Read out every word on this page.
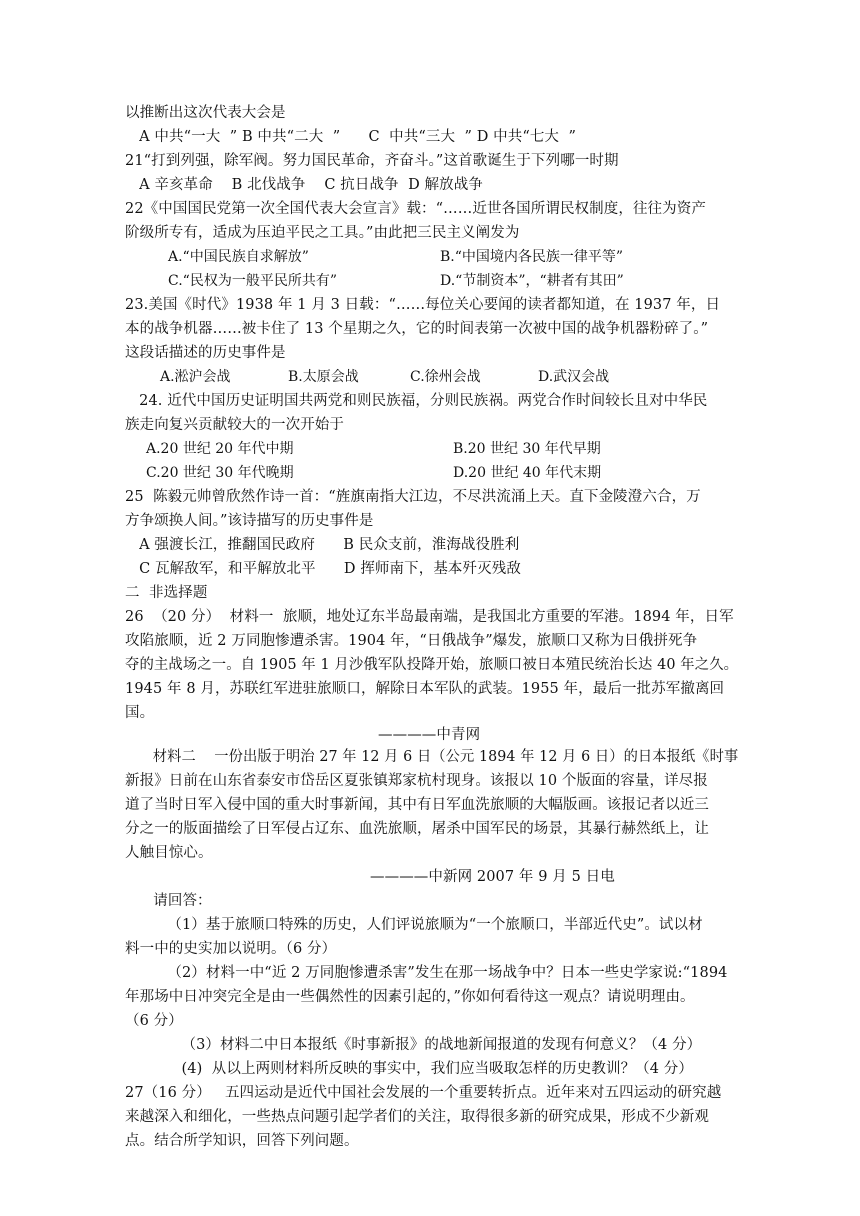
以推断出这次代表大会是
A 中共“一大  ” B 中共“二大  ”      C  中共“三大  ” D 中共“七大  ”
21“打到列强，除军阀。努力国民革命，齐奋斗。”这首歌诞生于下列哪一时期
A 辛亥革命    B 北伐战争    C 抗日战争  D 解放战争
22《中国国民党第一次全国代表大会宣言》载：“……近世各国所谓民权制度，往往为资产
阶级所专有，适成为压迫平民之工具。”由此把三民主义阐发为
A.“中国民族自求解放”	B.“中国境内各民族一律平等”
C.“民权为一般平民所共有”	D.“节制资本”，“耕者有其田”
23.美国《时代》1938 年 1 月 3 日载：“……每位关心要闻的读者都知道，在 1937 年，日
本的战争机器……被卡住了 13 个星期之久，它的时间表第一次被中国的战争机器粉碎了。”
这段话描述的历史事件是
A.淞沪会战	B.太原会战	C.徐州会战	D.武汉会战
24. 近代中国历史证明国共两党和则民族福，分则民族祸。两党合作时间较长且对中华民
族走向复兴贡献较大的一次开始于
A.20 世纪 20 年代中期	B.20 世纪 30 年代早期
C.20 世纪 30 年代晚期	D.20 世纪 40 年代末期
25  陈毅元帅曾欣然作诗一首：“旌旗南指大江边，不尽洪流涌上天。直下金陵澄六合，万
方争颂换人间。”该诗描写的历史事件是
A 强渡长江，推翻国民政府      B 民众支前，淮海战役胜利
C 瓦解敌军，和平解放北平      D 挥师南下，基本歼灭残敌
二  非选择题
26  （20 分）  材料一  旅顺，地处辽东半岛最南端，是我国北方重要的军港。1894 年，日军
攻陷旅顺，近 2 万同胞惨遭杀害。1904 年，“日俄战争”爆发，旅顺口又称为日俄拼死争
夺的主战场之一。自 1905 年 1 月沙俄军队投降开始，旅顺口被日本殖民统治长达 40 年之久。
1945 年 8 月，苏联红军进驻旅顺口，解除日本军队的武装。1955 年，最后一批苏军撤离回
国。
————中青网
材料二    一份出版于明治 27 年 12 月 6 日（公元 1894 年 12 月 6 日）的日本报纸《时事
新报》日前在山东省泰安市岱岳区夏张镇郑家杭村现身。该报以 10 个版面的容量，详尽报
道了当时日军入侵中国的重大时事新闻，其中有日军血洗旅顺的大幅版画。该报记者以近三
分之一的版面描绘了日军侵占辽东、血洗旅顺，屠杀中国军民的场景，其暴行赫然纸上，让
人触目惊心。
————中新网 2007 年 9 月 5 日电
请回答：
（1）基于旅顺口特殊的历史，人们评说旅顺为“一个旅顺口，半部近代史”。试以材
料一中的史实加以说明。（6 分）
（2）材料一中“近 2 万同胞惨遭杀害”发生在那一场战争中？日本一些史学家说:“1894
年那场中日冲突完全是由一些偶然性的因素引起的，”你如何看待这一观点？请说明理由。
（6 分）
（3）材料二中日本报纸《时事新报》的战地新闻报道的发现有何意义？（4 分）
(4)  从以上两则材料所反映的事实中，我们应当吸取怎样的历史教训？（4 分）
27（16 分）   五四运动是近代中国社会发展的一个重要转折点。近年来对五四运动的研究越
来越深入和细化，一些热点问题引起学者们的关注，取得很多新的研究成果，形成不少新观
点。结合所学知识，回答下列问题。
